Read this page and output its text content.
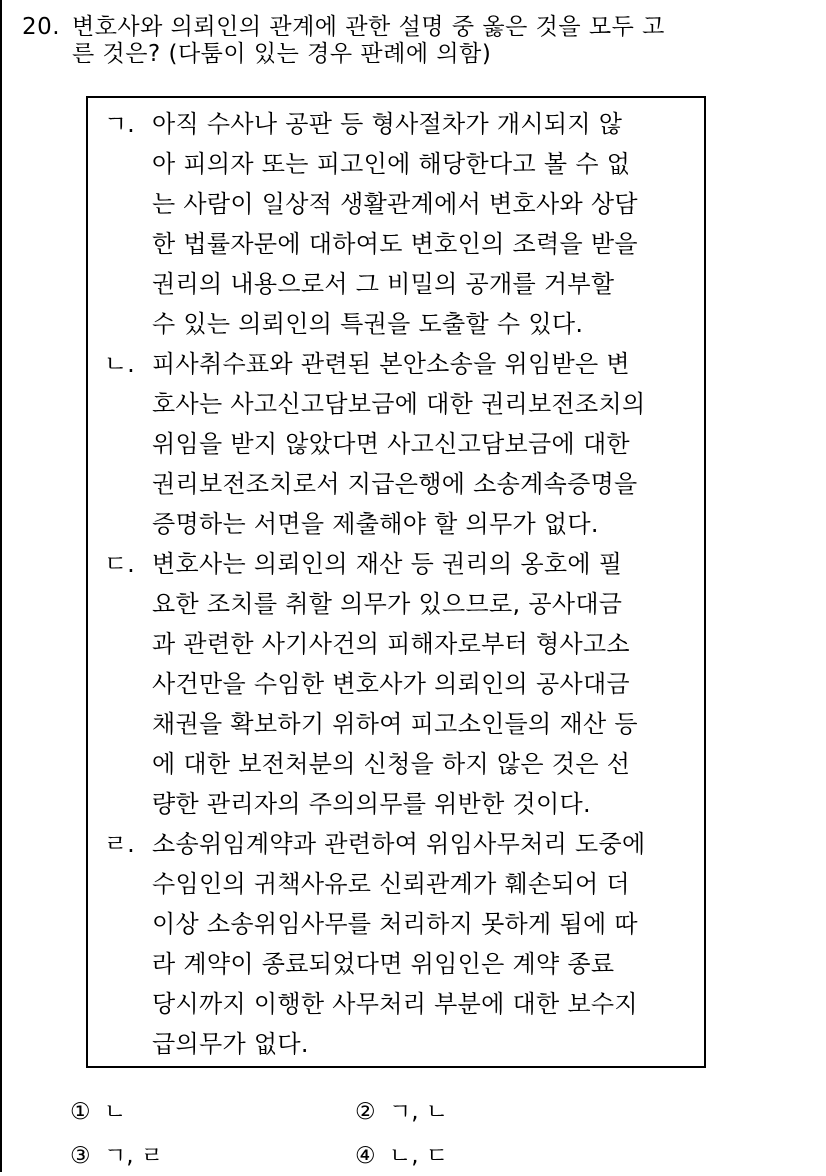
20. 변호사와 의뢰인의 관계에 관한 설명 중 옳은 것을 모두 고
른 것은? (다툼이 있는 경우 판례에 의함)
ㄱ. 아직 수사나 공판 등 형사절차가 개시되지 않
아 피의자 또는 피고인에 해당한다고 볼 수 없
는 사람이 일상적 생활관계에서 변호사와 상담
한 법률자문에 대하여도 변호인의 조력을 받을
권리의 내용으로서 그 비밀의 공개를 거부할
수 있는 의뢰인의 특권을 도출할 수 있다.
ㄴ. 피사취수표와 관련된 본안소송을 위임받은 변
호사는 사고신고담보금에 대한 권리보전조치의
위임을 받지 않았다면 사고신고담보금에 대한
권리보전조치로서 지급은행에 소송계속증명을
증명하는 서면을 제출해야 할 의무가 없다.
ㄷ. 변호사는 의뢰인의 재산 등 권리의 옹호에 필
요한 조치를 취할 의무가 있으므로, 공사대금
과 관련한 사기사건의 피해자로부터 형사고소
사건만을 수임한 변호사가 의뢰인의 공사대금
채권을 확보하기 위하여 피고소인들의 재산 등
에 대한 보전처분의 신청을 하지 않은 것은 선
량한 관리자의 주의의무를 위반한 것이다.
ㄹ. 소송위임계약과 관련하여 위임사무처리 도중에
수임인의 귀책사유로 신뢰관계가 훼손되어 더
이상 소송위임사무를 처리하지 못하게 됨에 따
라 계약이 종료되었다면 위임인은 계약 종료
당시까지 이행한 사무처리 부분에 대한 보수지
급의무가 없다.
① ㄴ	② ㄱ, ㄴ
③ ㄱ, ㄹ	④ ㄴ, ㄷ
